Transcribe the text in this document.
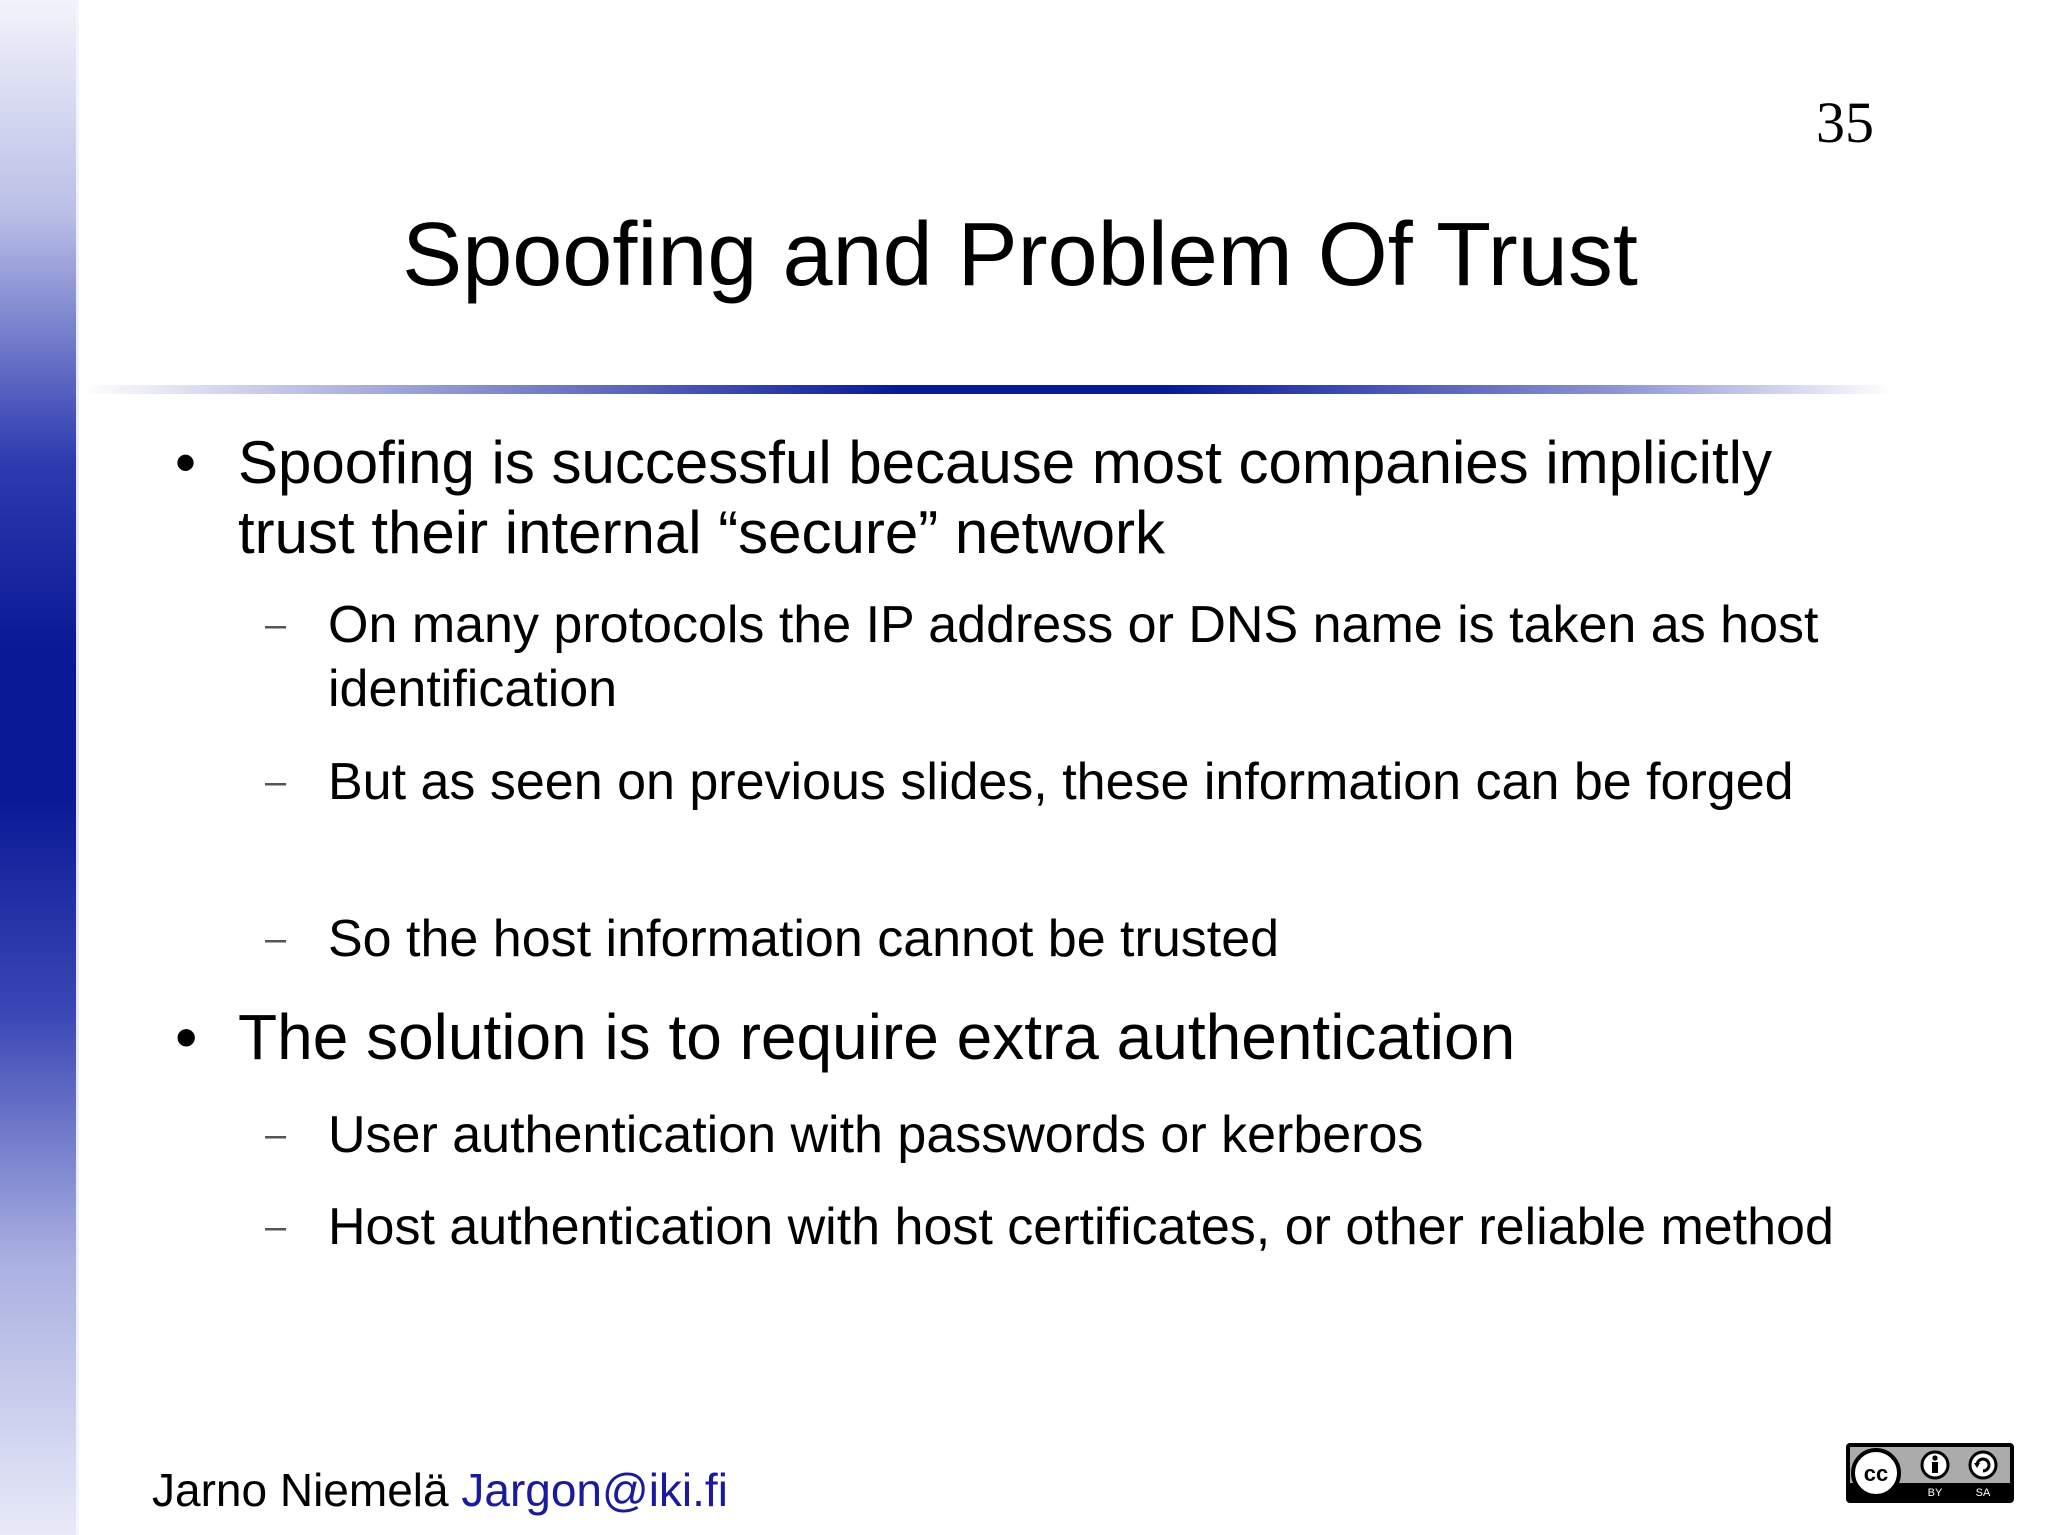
35
Spoofing and Problem Of Trust
• Spoofing is successful because most companies implicitly trust their internal “secure” network
– On many protocols the IP address or DNS name is taken as host identification
– But as seen on previous slides, these information can be forged
– So the host information cannot be trusted
• The solution is to require extra authentication
– User authentication with passwords or kerberos
– Host authentication with host certificates, or other reliable method
Jarno Niemelä Jargon@iki.fi	cc
BY	SA
